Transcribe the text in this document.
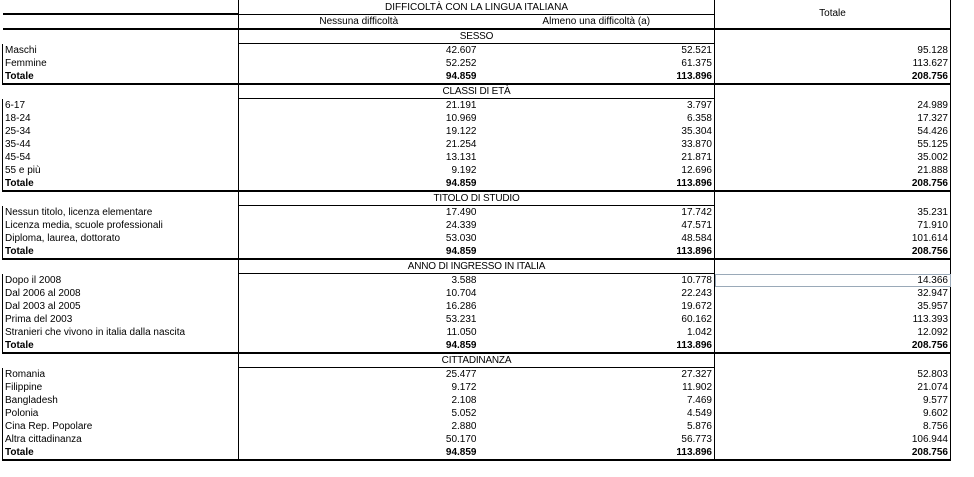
	DIFFICOLTÀ CON LA LINGUA ITALIANA		Totale
	Nessuna difficoltà	Almeno una difficoltà (a)	
	SESSO		
Maschi	42.607	52.521	95.128
Femmine	52.252	61.375	113.627
Totale	94.859	113.896	208.756
	CLASSI DI ETÀ		
6-17	21.191	3.797	24.989
18-24	10.969	6.358	17.327
25-34	19.122	35.304	54.426
35-44	21.254	33.870	55.125
45-54	13.131	21.871	35.002
55 e più	9.192	12.696	21.888
Totale	94.859	113.896	208.756
	TITOLO DI STUDIO		
Nessun titolo, licenza elementare	17.490	17.742	35.231
Licenza media, scuole professionali	24.339	47.571	71.910
Diploma, laurea, dottorato	53.030	48.584	101.614
Totale	94.859	113.896	208.756
	ANNO DI INGRESSO IN ITALIA		
Dopo il 2008	3.588	10.778	14.366
Dal 2006 al 2008	10.704	22.243	32.947
Dal 2003 al 2005	16.286	19.672	35.957
Prima del 2003	53.231	60.162	113.393
Stranieri che vivono in italia dalla nascita	11.050	1.042	12.092
Totale	94.859	113.896	208.756
	CITTADINANZA		
Romania	25.477	27.327	52.803
Filippine	9.172	11.902	21.074
Bangladesh	2.108	7.469	9.577
Polonia	5.052	4.549	9.602
Cina Rep. Popolare	2.880	5.876	8.756
Altra cittadinanza	50.170	56.773	106.944
Totale	94.859	113.896	208.756
